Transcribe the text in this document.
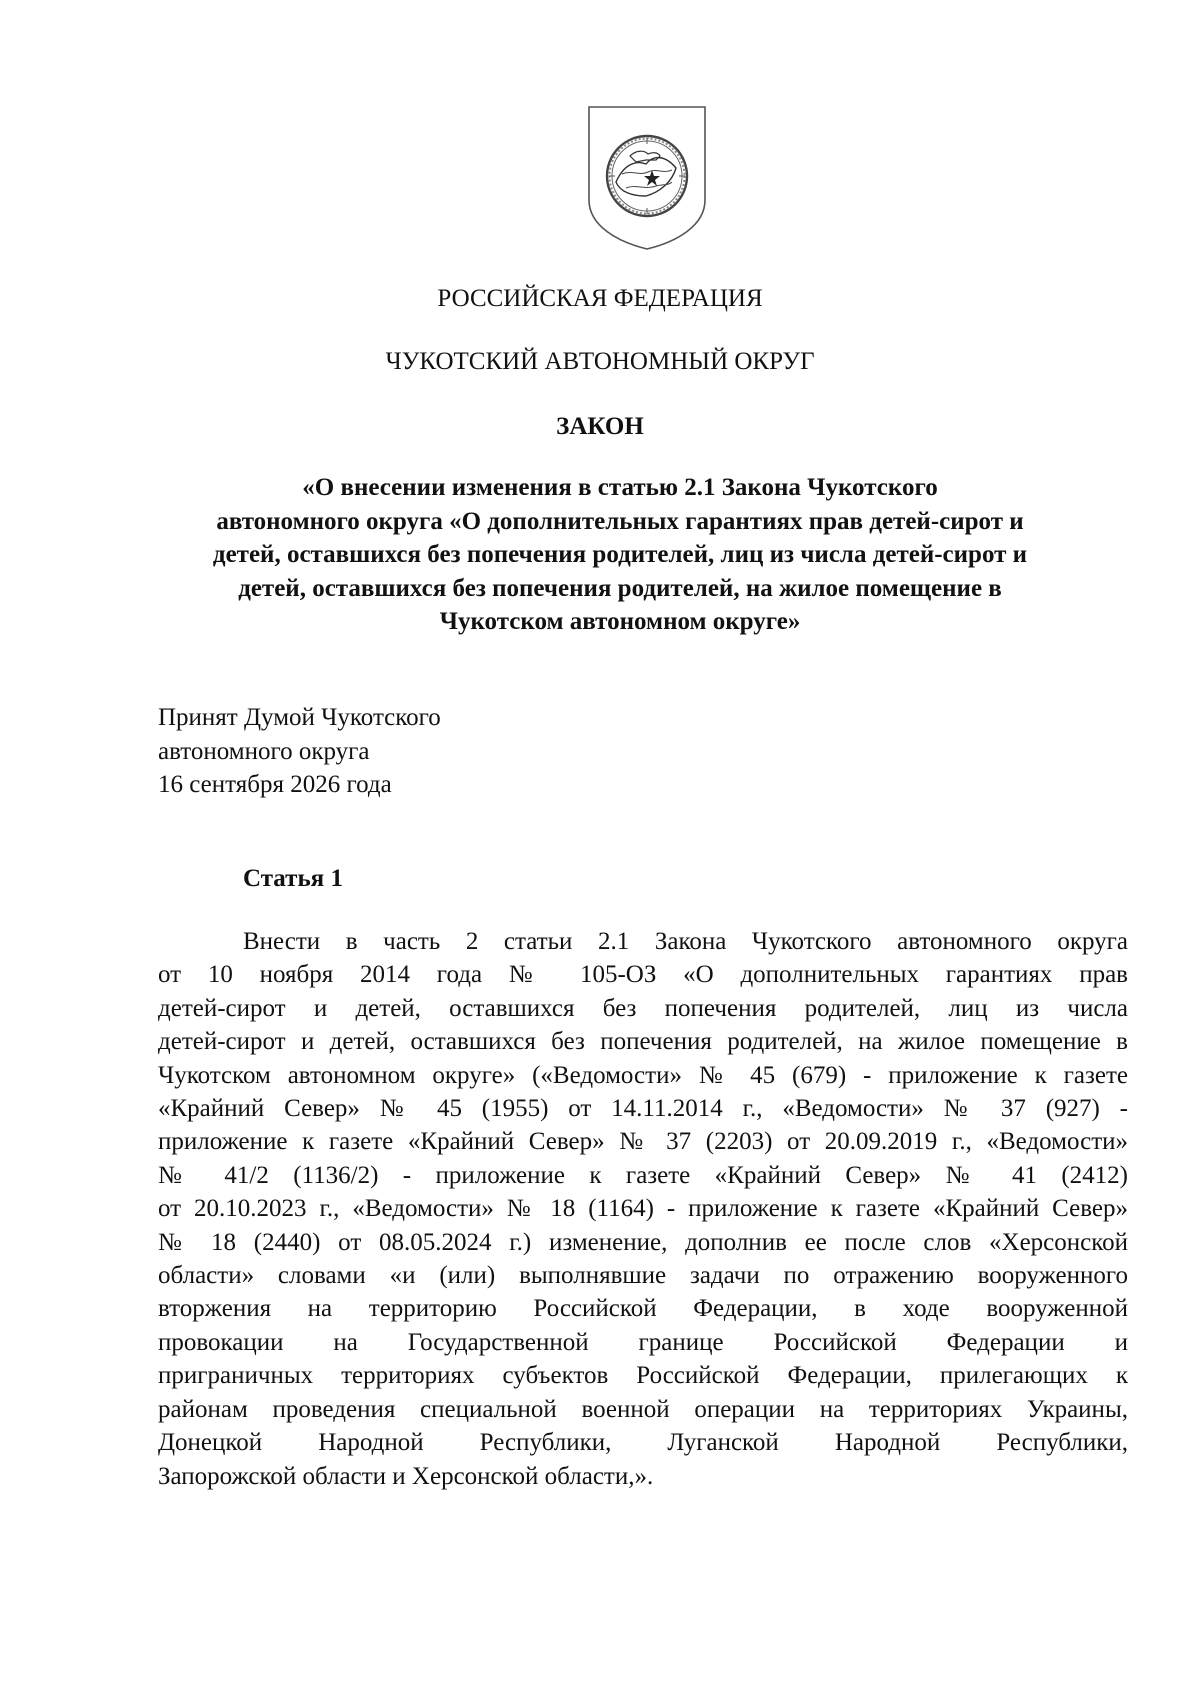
РОССИЙСКАЯ ФЕДЕРАЦИЯ
ЧУКОТСКИЙ АВТОНОМНЫЙ ОКРУГ
ЗАКОН
«О внесении изменения в статью 2.1 Закона Чукотского
автономного округа «О дополнительных гарантиях прав детей-сирот и
детей, оставшихся без попечения родителей, лиц из числа детей-сирот и
детей, оставшихся без попечения родителей, на жилое помещение в
Чукотском автономном округе»
Принят Думой Чукотского
автономного округа
16 сентября 2026 года
Статья 1
Внести в часть 2 статьи 2.1 Закона Чукотского автономного округа
от 10 ноября 2014 года № 105-ОЗ «О дополнительных гарантиях прав
детей-сирот и детей, оставшихся без попечения родителей, лиц из числа
детей-сирот и детей, оставшихся без попечения родителей, на жилое помещение в
Чукотском автономном округе» («Ведомости» № 45 (679) - приложение к газете
«Крайний Север» № 45 (1955) от 14.11.2014 г., «Ведомости» № 37 (927) -
приложение к газете «Крайний Север» № 37 (2203) от 20.09.2019 г., «Ведомости»
№ 41/2 (1136/2) - приложение к газете «Крайний Север» № 41 (2412)
от 20.10.2023 г., «Ведомости» № 18 (1164) - приложение к газете «Крайний Север»
№ 18 (2440) от 08.05.2024 г.) изменение, дополнив ее после слов «Херсонской
области» словами «и (или) выполнявшие задачи по отражению вооруженного
вторжения на территорию Российской Федерации, в ходе вооруженной
провокации на Государственной границе Российской Федерации и
приграничных территориях субъектов Российской Федерации, прилегающих к
районам проведения специальной военной операции на территориях Украины,
Донецкой Народной Республики, Луганской Народной Республики,
Запорожской области и Херсонской области,».
